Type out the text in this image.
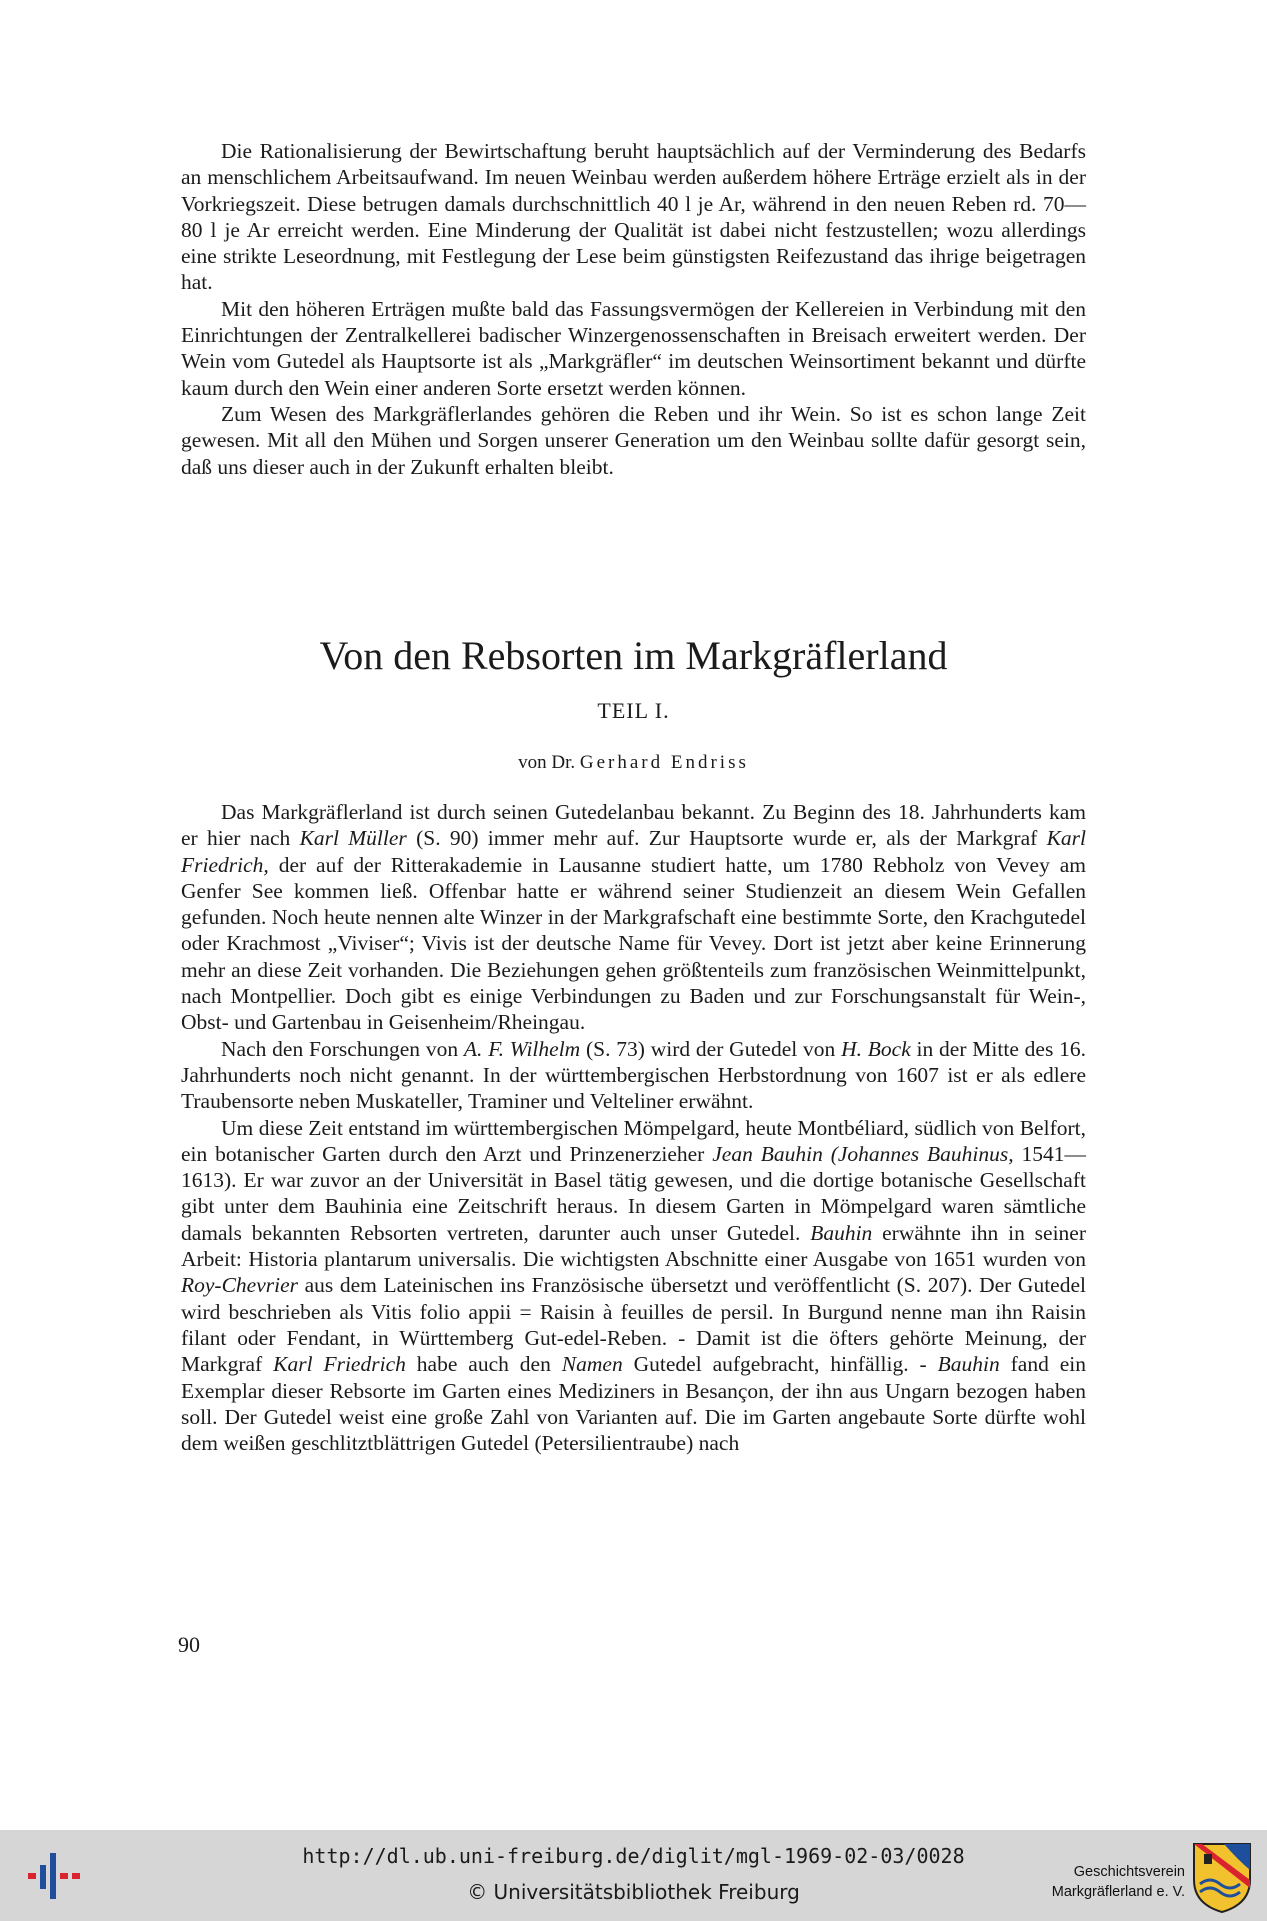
Die Rationalisierung der Bewirtschaftung beruht hauptsächlich auf der Verminderung des Bedarfs an menschlichem Arbeitsaufwand. Im neuen Weinbau werden außerdem höhere Erträge erzielt als in der Vorkriegszeit. Diese betrugen damals durchschnittlich 40 l je Ar, während in den neuen Reben rd. 70—80 l je Ar erreicht werden. Eine Minderung der Qualität ist dabei nicht festzustellen; wozu allerdings eine strikte Leseordnung, mit Festlegung der Lese beim günstigsten Reifezustand das ihrige beigetragen hat.

Mit den höheren Erträgen mußte bald das Fassungsvermögen der Kellereien in Verbindung mit den Einrichtungen der Zentralkellerei badischer Winzergenossenschaften in Breisach erweitert werden. Der Wein vom Gutedel als Hauptsorte ist als „Markgräfler“ im deutschen Weinsortiment bekannt und dürfte kaum durch den Wein einer anderen Sorte ersetzt werden können.

Zum Wesen des Markgräflerlandes gehören die Reben und ihr Wein. So ist es schon lange Zeit gewesen. Mit all den Mühen und Sorgen unserer Generation um den Weinbau sollte dafür gesorgt sein, daß uns dieser auch in der Zukunft erhalten bleibt.

Von den Rebsorten im Markgräflerland
TEIL I.
von Dr. Gerhard Endriss

Das Markgräflerland ist durch seinen Gutedelanbau bekannt. Zu Beginn des 18. Jahrhunderts kam er hier nach Karl Müller (S. 90) immer mehr auf. Zur Hauptsorte wurde er, als der Markgraf Karl Friedrich, der auf der Ritterakademie in Lausanne studiert hatte, um 1780 Rebholz von Vevey am Genfer See kommen ließ. Offenbar hatte er während seiner Studienzeit an diesem Wein Gefallen gefunden. Noch heute nennen alte Winzer in der Markgrafschaft eine bestimmte Sorte, den Krachgutedel oder Krachmost „Viviser“; Vivis ist der deutsche Name für Vevey. Dort ist jetzt aber keine Erinnerung mehr an diese Zeit vorhanden. Die Beziehungen gehen größtenteils zum französischen Weinmittelpunkt, nach Montpellier. Doch gibt es einige Verbindungen zu Baden und zur Forschungsanstalt für Wein-, Obst- und Gartenbau in Geisenheim/Rheingau.

Nach den Forschungen von A. F. Wilhelm (S. 73) wird der Gutedel von H. Bock in der Mitte des 16. Jahrhunderts noch nicht genannt. In der württembergischen Herbstordnung von 1607 ist er als edlere Traubensorte neben Muskateller, Traminer und Velteliner erwähnt.

Um diese Zeit entstand im württembergischen Mömpelgard, heute Montbéliard, südlich von Belfort, ein botanischer Garten durch den Arzt und Prinzenerzieher Jean Bauhin (Johannes Bauhinus, 1541—1613). Er war zuvor an der Universität in Basel tätig gewesen, und die dortige botanische Gesellschaft gibt unter dem Bauhinia eine Zeitschrift heraus. In diesem Garten in Mömpelgard waren sämtliche damals bekannten Rebsorten vertreten, darunter auch unser Gutedel. Bauhin erwähnte ihn in seiner Arbeit: Historia plantarum universalis. Die wichtigsten Abschnitte einer Ausgabe von 1651 wurden von Roy-Chevrier aus dem Lateinischen ins Französische übersetzt und veröffentlicht (S. 207). Der Gutedel wird beschrieben als Vitis folio appii = Raisin à feuilles de persil. In Burgund nenne man ihn Raisin filant oder Fendant, in Württemberg Gut-edel-Reben. - Damit ist die öfters gehörte Meinung, der Markgraf Karl Friedrich habe auch den Namen Gutedel aufgebracht, hinfällig. - Bauhin fand ein Exemplar dieser Rebsorte im Garten eines Mediziners in Besançon, der ihn aus Ungarn bezogen haben soll. Der Gutedel weist eine große Zahl von Varianten auf. Die im Garten angebaute Sorte dürfte wohl dem weißen geschlitztblättrigen Gutedel (Petersilientraube) nach

90
http://dl.ub.uni-freiburg.de/diglit/mgl-1969-02-03/0028
© Universitätsbibliothek Freiburg
Geschichtsverein
Markgräflerland e. V.
